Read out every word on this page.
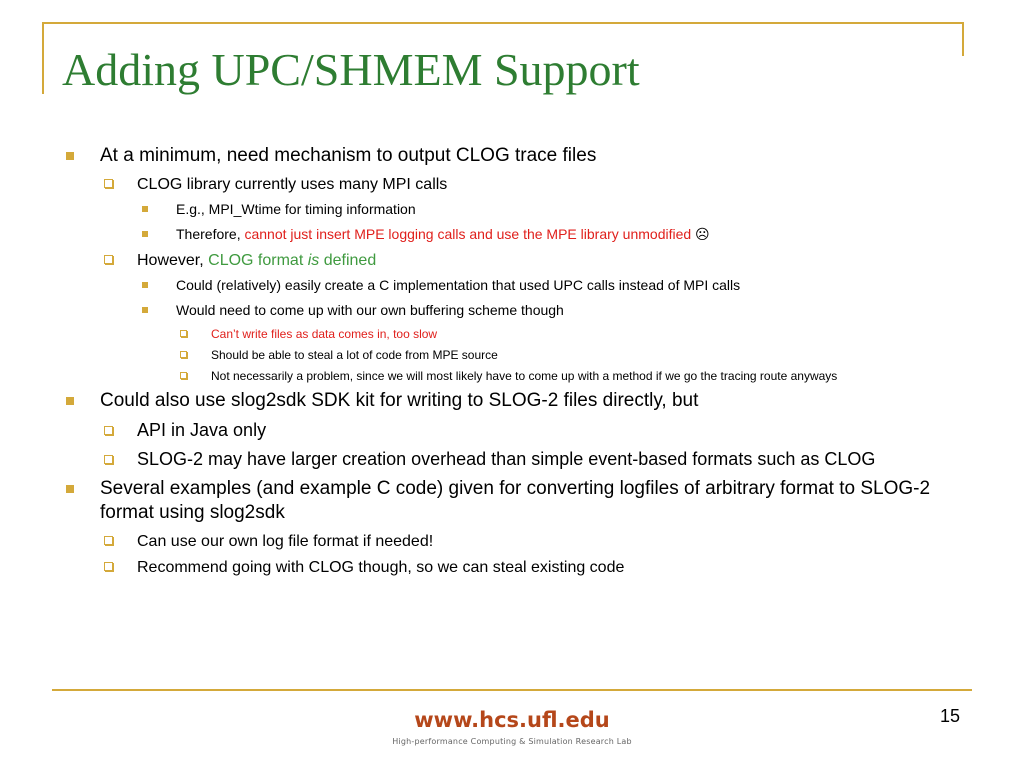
Adding UPC/SHMEM Support
At a minimum, need mechanism to output CLOG trace files
CLOG library currently uses many MPI calls
E.g., MPI_Wtime for timing information
Therefore, cannot just insert MPE logging calls and use the MPE library unmodified ☹
However, CLOG format is defined
Could (relatively) easily create a C implementation that used UPC calls instead of MPI calls
Would need to come up with our own buffering scheme though
Can’t write files as data comes in, too slow
Should be able to steal a lot of code from MPE source
Not necessarily a problem, since we will most likely have to come up with a method if we go the tracing route anyways
Could also use slog2sdk SDK kit for writing to SLOG-2 files directly, but
API in Java only
SLOG-2 may have larger creation overhead than simple event-based formats such as CLOG
Several examples (and example C code) given for converting logfiles of arbitrary format to SLOG-2 format using slog2sdk
Can use our own log file format if needed!
Recommend going with CLOG though, so we can steal existing code
www.hcs.ufl.edu
High-performance Computing & Simulation Research Lab
15
